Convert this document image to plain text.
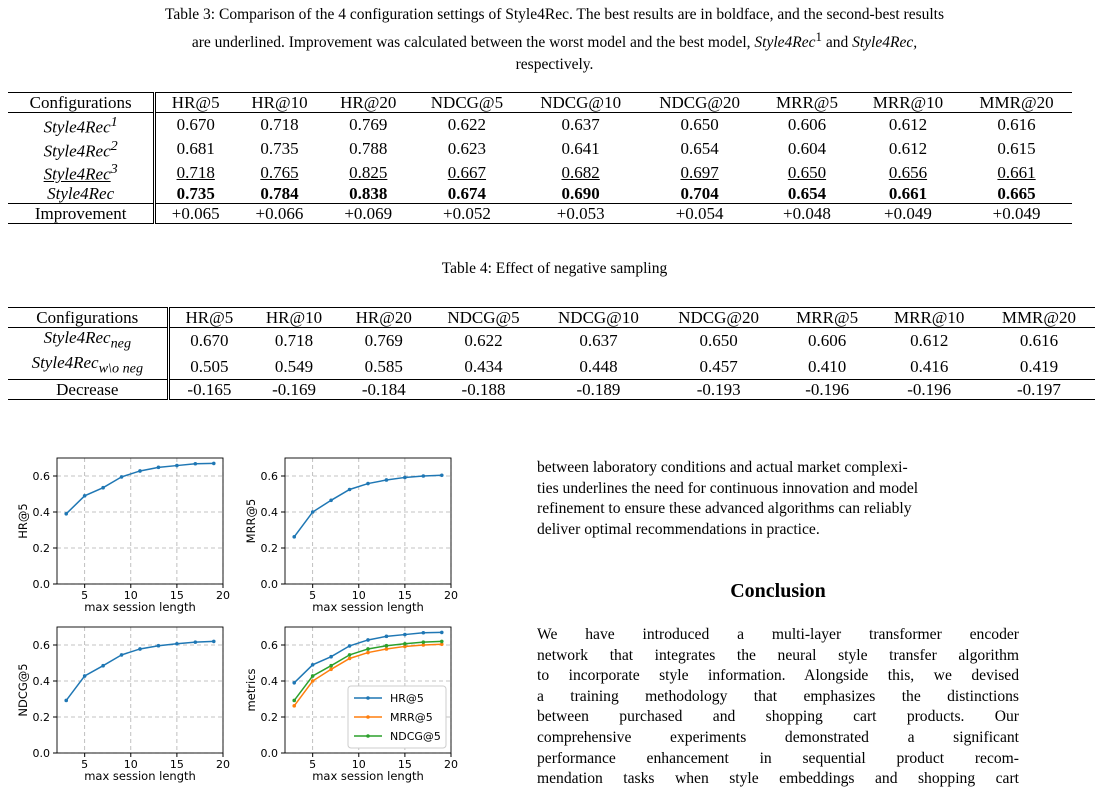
Table 3: Comparison of the 4 configuration settings of Style4Rec. The best results are in boldface, and the second-best results
are underlined. Improvement was calculated between the worst model and the best model, Style4Rec$^1$ and Style4Rec,
respectively.
Configurations	HR@5	HR@10	HR@20	NDCG@5	NDCG@10	NDCG@20	MRR@5	MRR@10	MMR@20
Style4Rec$^1$	0.670	0.718	0.769	0.622	0.637	0.650	0.606	0.612	0.616
Style4Rec$^2$	0.681	0.735	0.788	0.623	0.641	0.654	0.604	0.612	0.615
Style4Rec$^3$	0.718	0.765	0.825	0.667	0.682	0.697	0.650	0.656	0.661
Style4Rec	0.735	0.784	0.838	0.674	0.690	0.704	0.654	0.661	0.665
Improvement	+0.065	+0.066	+0.069	+0.052	+0.053	+0.054	+0.048	+0.049	+0.049
Table 4: Effect of negative sampling
Configurations	HR@5	HR@10	HR@20	NDCG@5	NDCG@10	NDCG@20	MRR@5	MRR@10	MMR@20
Style4Rec$_{neg}$	0.670	0.718	0.769	0.622	0.637	0.650	0.606	0.612	0.616
Style4Rec$_{w\backslash o neg}$	0.505	0.549	0.585	0.434	0.448	0.457	0.410	0.416	0.419
Decrease	-0.165	-0.169	-0.184	-0.188	-0.189	-0.193	-0.196	-0.196	-0.197
0.0
0.2
0.4
0.6
5	10	15	20
max session length
HR@5
0.0
0.2
0.4
0.6
5	10	15	20
max session length
MRR@5
0.0
0.2
0.4
0.6
5	10	15	20
max session length
NDCG@5
0.0
0.2
0.4
0.6
5	10	15	20
max session length
metrics	HR@5
MRR@5
NDCG@5
between laboratory conditions and actual market complexi-
ties underlines the need for continuous innovation and model
refinement to ensure these advanced algorithms can reliably
deliver optimal recommendations in practice.
Conclusion
We have introduced a multi-layer transformer encoder
network that integrates the neural style transfer algorithm
to incorporate style information. Alongside this, we devised
a training methodology that emphasizes the distinctions
between purchased and shopping cart products. Our
comprehensive experiments demonstrated a significant
performance enhancement in sequential product recom-
mendation tasks when style embeddings and shopping cart
